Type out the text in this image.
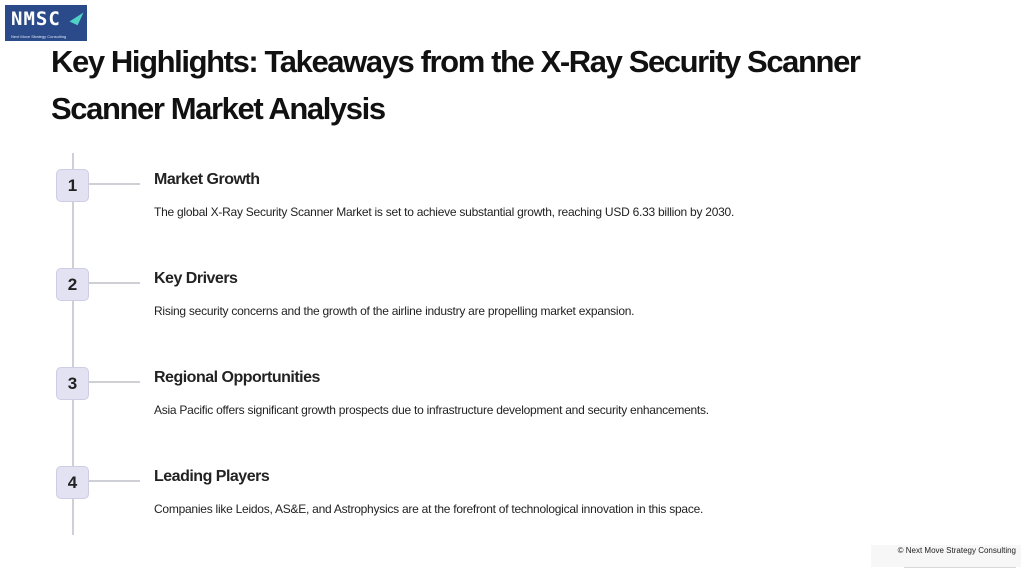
NMSC
Next Move Strategy Consulting
Key Highlights: Takeaways from the X-Ray Security Scanner Scanner Market Analysis
1	Market Growth
The global X-Ray Security Scanner Market is set to achieve substantial growth, reaching USD 6.33 billion by 2030.
2	Key Drivers
Rising security concerns and the growth of the airline industry are propelling market expansion.
3	Regional Opportunities
Asia Pacific offers significant growth prospects due to infrastructure development and security enhancements.
4	Leading Players
Companies like Leidos, AS&E, and Astrophysics are at the forefront of technological innovation in this space.
© Next Move Strategy Consulting
